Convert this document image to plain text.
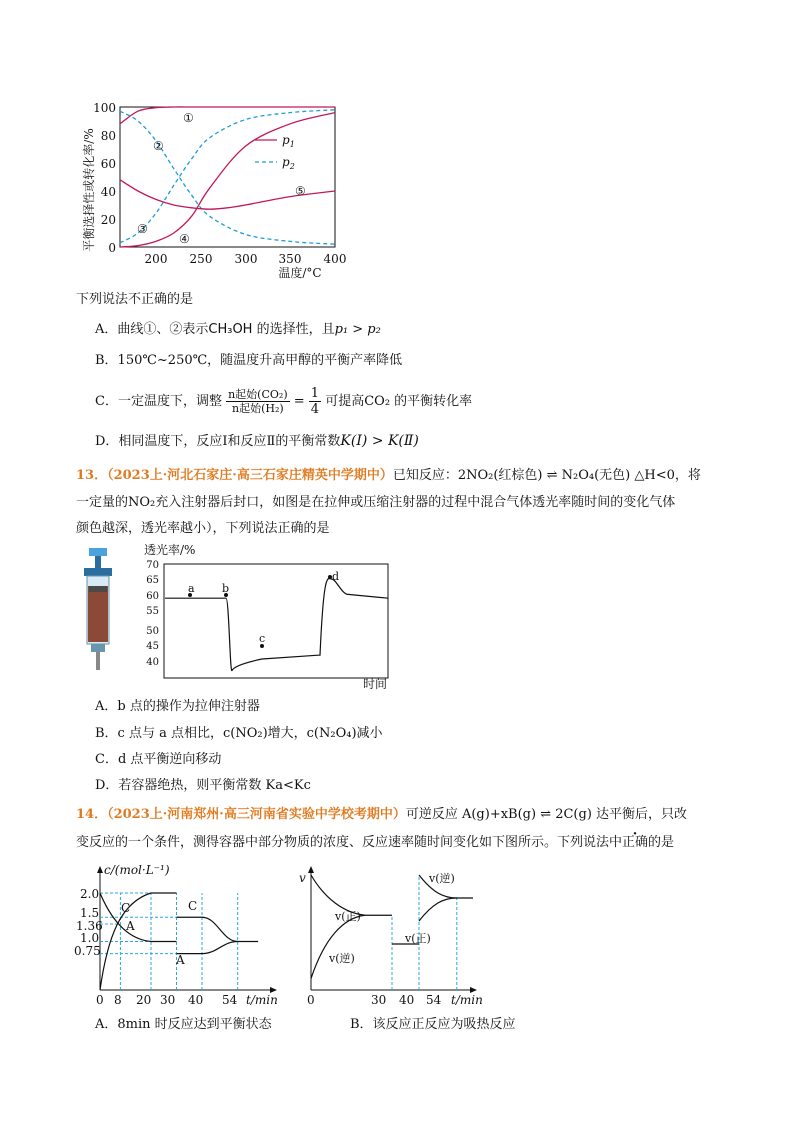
平衡选择性或转化率/%
100
80
60
40
20
0
200 250 300 350 400
温度/°C
①
②
③
④
⑤
$p_1$
$p_2$
下列说法不正确的是
A．曲线①、②表示CH₃OH 的选择性，且p₁ > p₂
B．150℃~250℃，随温度升高甲醇的平衡产率降低
C．一定温度下，调整 $\frac{\text{n起始(CO₂)}}{\text{n起始(H₂)}} = \frac{1}{4}$ 可提高CO₂ 的平衡转化率
D．相同温度下，反应Ⅰ和反应Ⅱ的平衡常数K(Ⅰ) > K(Ⅱ)
13．（2023上·河北石家庄·高三石家庄精英中学期中）已知反应：2NO₂(红棕色) ⇌ N₂O₄(无色) △H<0，将
一定量的NO₂充入注射器后封口，如图是在拉伸或压缩注射器的过程中混合气体透光率随时间的变化气体
颜色越深，透光率越小），下列说法正确的是
透光率/%
70
65
60
55
50
45
40
a b
c
d
时间
A．b 点的操作为拉伸注射器
B．c 点与 a 点相比，c(NO₂)增大，c(N₂O₄)减小
C．d 点平衡逆向移动
D．若容器绝热，则平衡常数 Ka<Kc
14．（2023上·河南郑州·高三河南省实验中学校考期中）可逆反应 A(g)+xB(g) ⇌ 2C(g) 达平衡后，只改
变反应的一个条件，测得容器中部分物质的浓度、反应速率随时间变化如下图所示。下列说法中正确的是
c/(mol·L⁻¹)
2.0
1.5
1.36
1.0
0.75
0 8 20 30 40 54 t/min
C
A
C
A
v
0	30 40 54 t/min
v(正)
v(逆)
v(逆)
v(正)
A．8min 时反应达到平衡状态	B．该反应正反应为吸热反应
